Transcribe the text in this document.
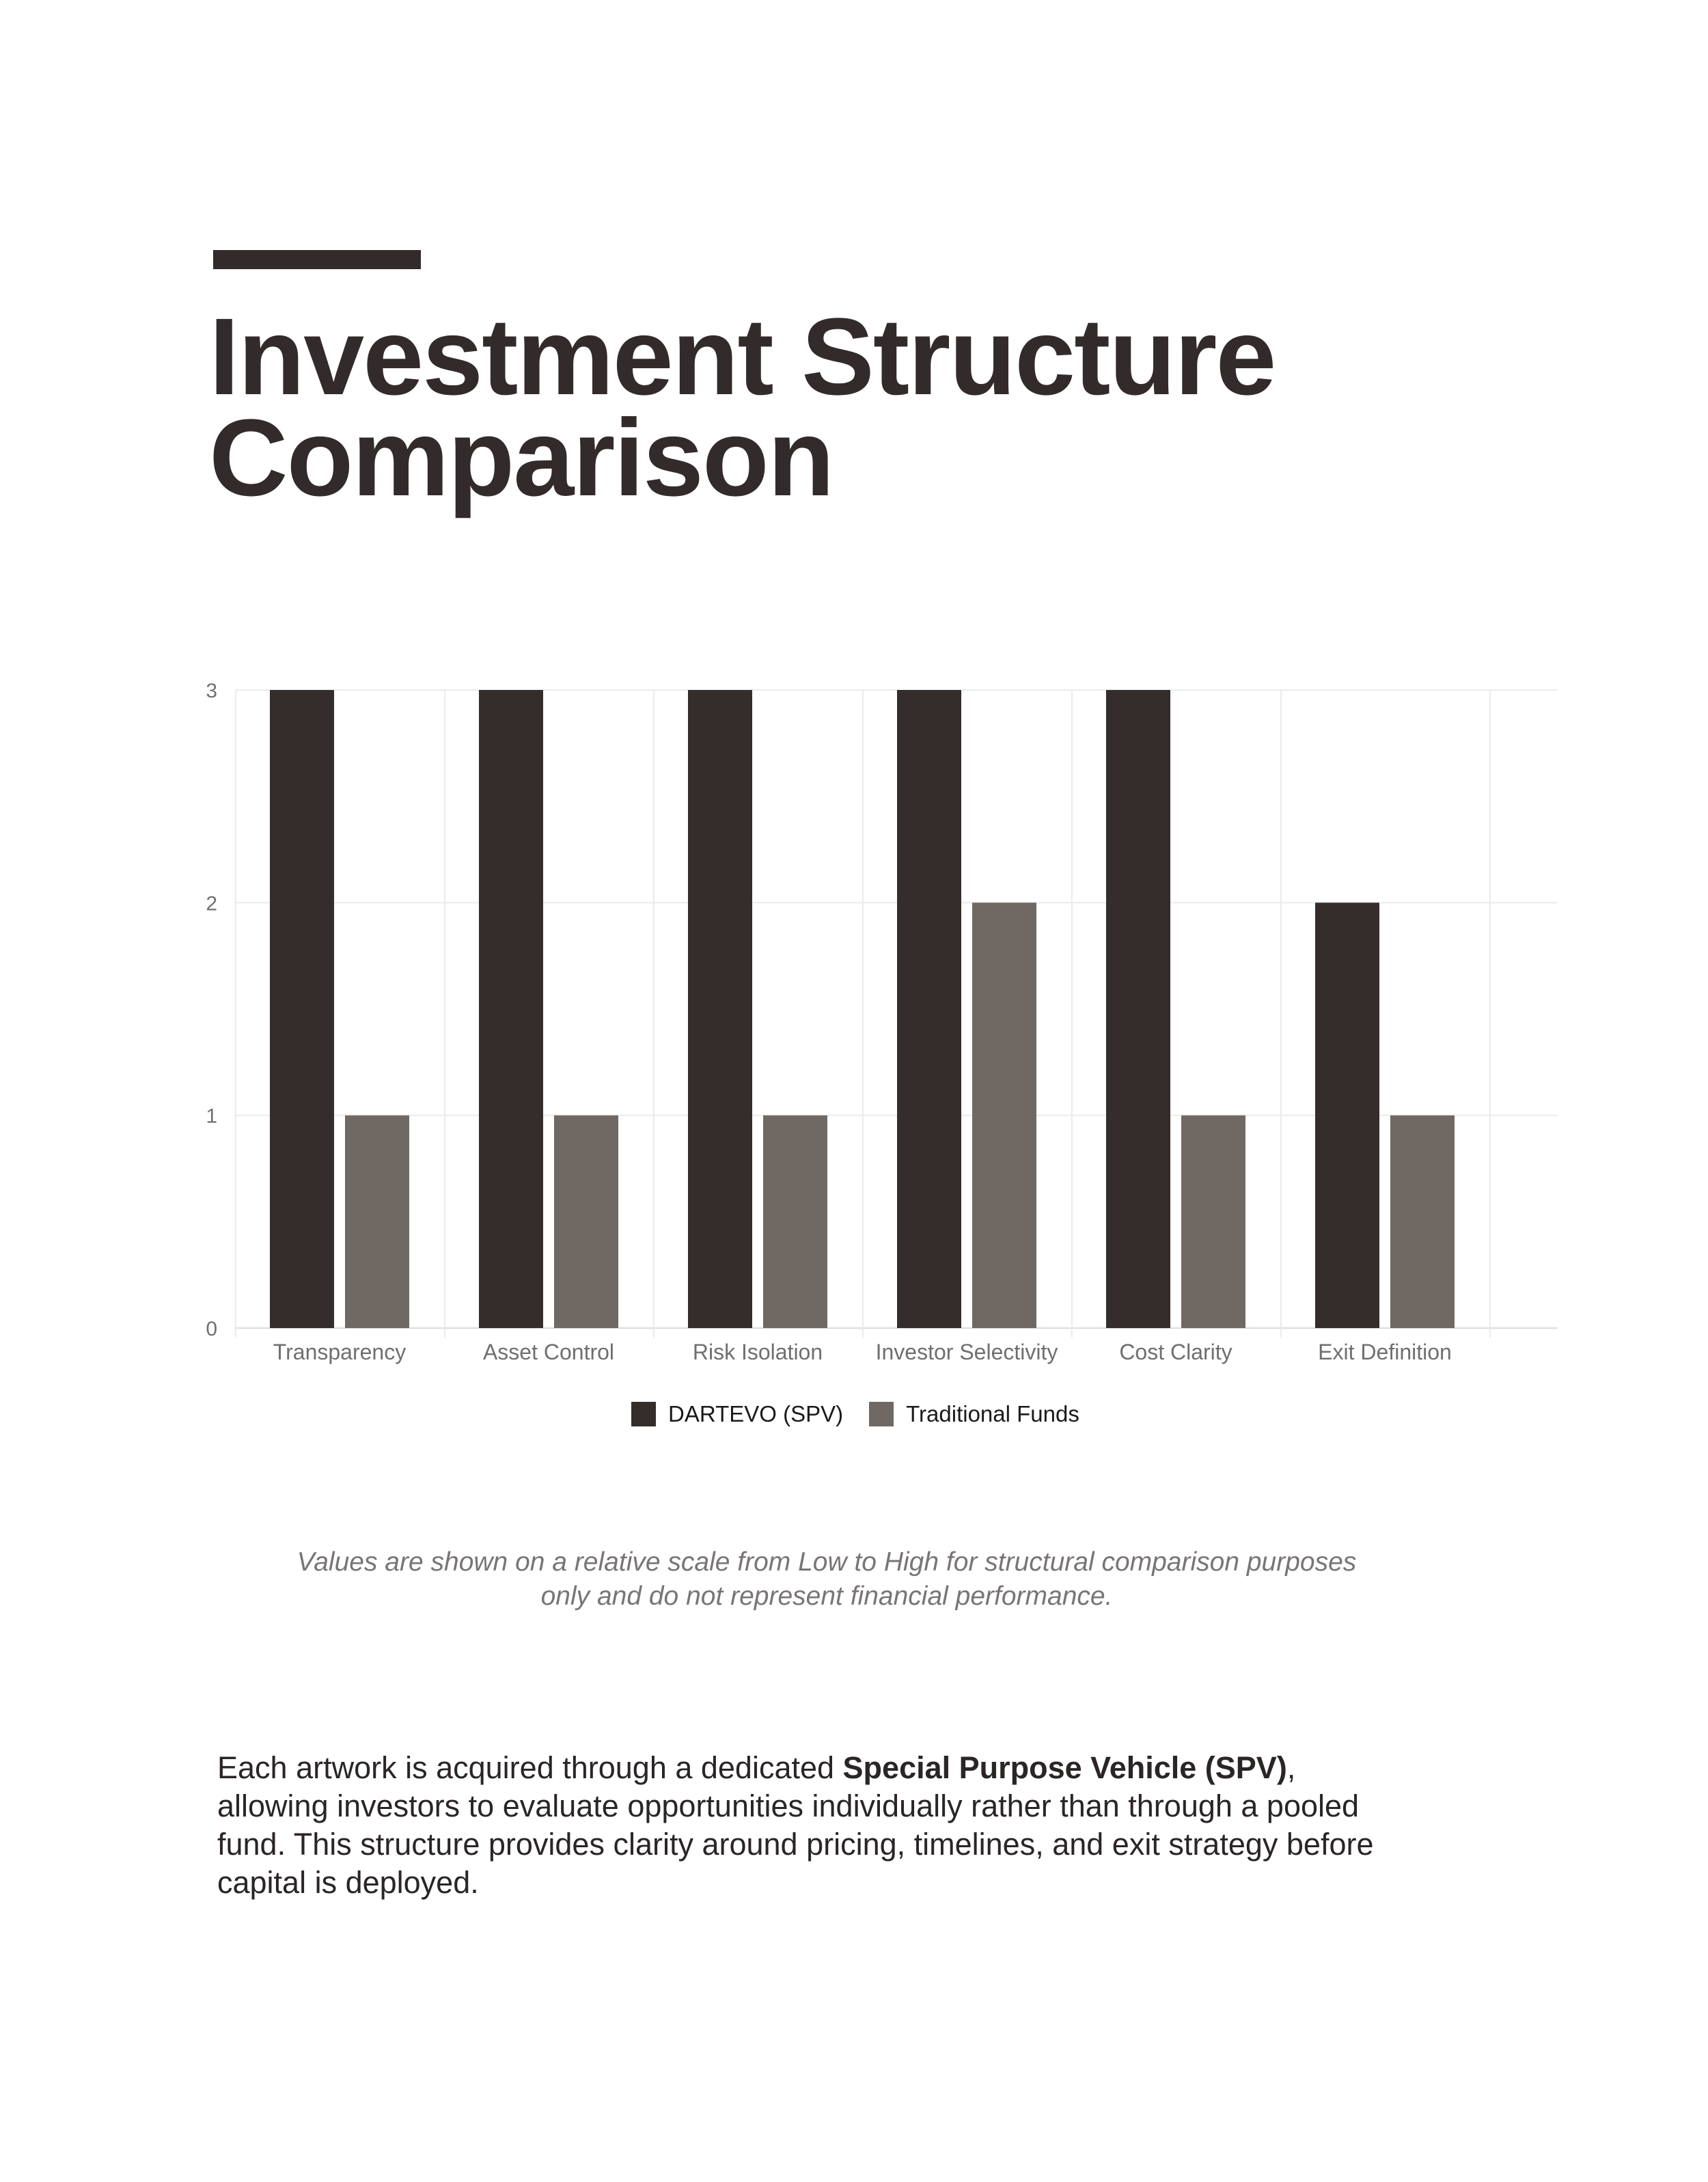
Investment Structure
Comparison
0
1
2
3
Transparency	Asset Control	Risk Isolation Investor Selectivity	Cost Clarity	Exit Definition
DARTEVO (SPV)	Traditional Funds

Values are shown on a relative scale from Low to High for structural comparison purposes only and do not represent financial performance.

Each artwork is acquired through a dedicated Special Purpose Vehicle (SPV), allowing investors to evaluate opportunities individually rather than through a pooled fund. This structure provides clarity around pricing, timelines, and exit strategy before capital is deployed.
